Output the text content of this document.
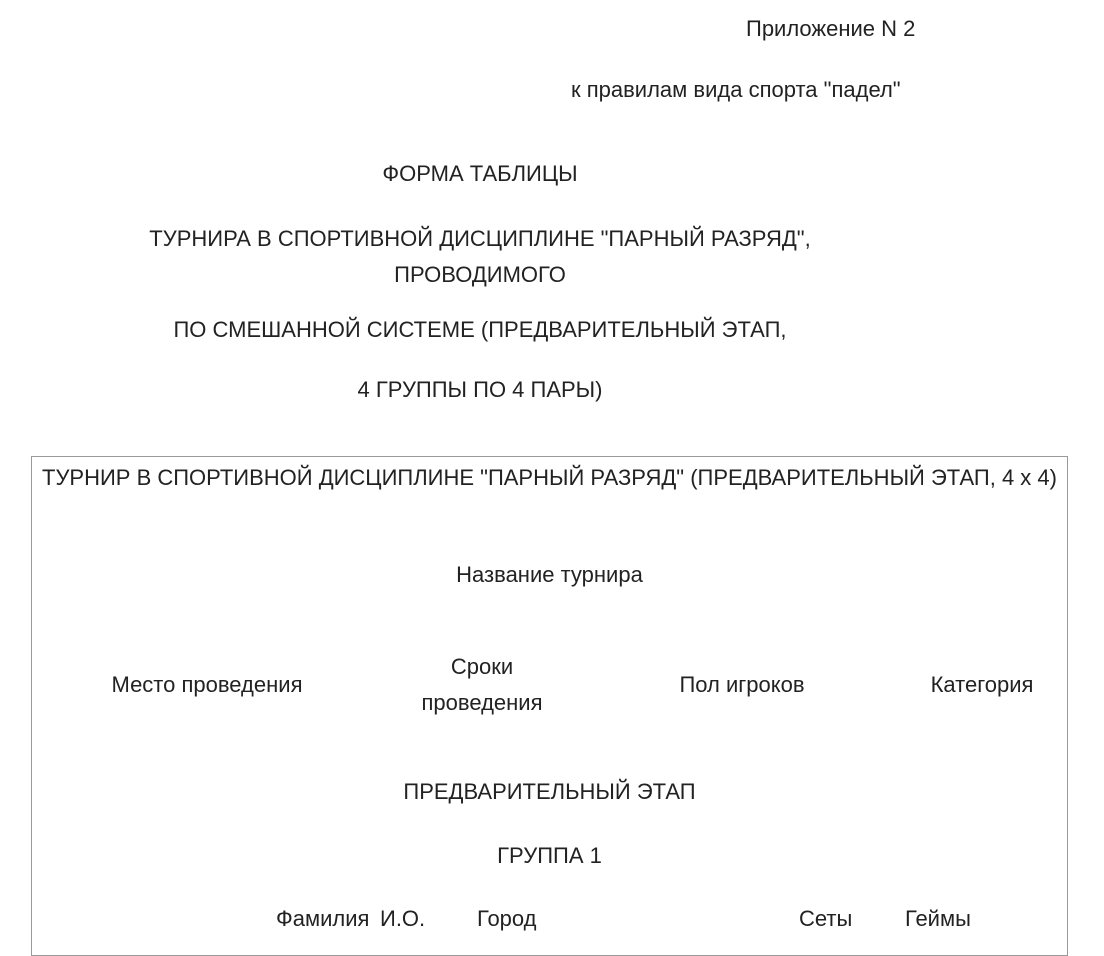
Приложение N 2
к правилам вида спорта "падел"
ФОРМА ТАБЛИЦЫ
ТУРНИРА В СПОРТИВНОЙ ДИСЦИПЛИНЕ "ПАРНЫЙ РАЗРЯД", ПРОВОДИМОГО
ПО СМЕШАННОЙ СИСТЕМЕ (ПРЕДВАРИТЕЛЬНЫЙ ЭТАП,
4 ГРУППЫ ПО 4 ПАРЫ)
ТУРНИР В СПОРТИВНОЙ ДИСЦИПЛИНЕ "ПАРНЫЙ РАЗРЯД" (ПРЕДВАРИТЕЛЬНЫЙ ЭТАП, 4 x 4)
Название турнира
Место проведения
Сроки проведения
Пол игроков	Категория
ПРЕДВАРИТЕЛЬНЫЙ ЭТАП
ГРУППА 1
Фамилия И.О. Город	Сеты Геймы
